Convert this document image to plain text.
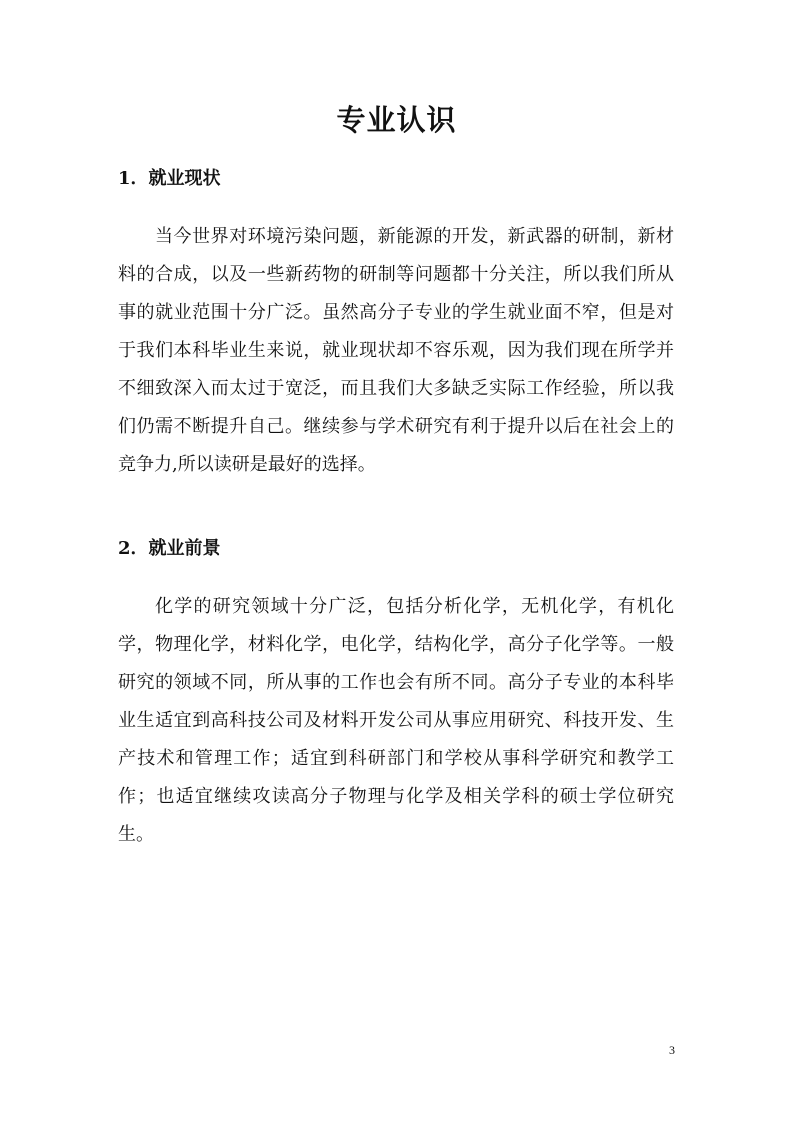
专业认识
1．就业现状

当今世界对环境污染问题，新能源的开发，新武器的研制，新材料的合成，以及一些新药物的研制等问题都十分关注，所以我们所从事的就业范围十分广泛。虽然高分子专业的学生就业面不窄，但是对于我们本科毕业生来说，就业现状却不容乐观，因为我们现在所学并不细致深入而太过于宽泛，而且我们大多缺乏实际工作经验，所以我们仍需不断提升自己。继续参与学术研究有利于提升以后在社会上的竞争力,所以读研是最好的选择。

2．就业前景

化学的研究领域十分广泛，包括分析化学，无机化学，有机化学，物理化学，材料化学，电化学，结构化学，高分子化学等。一般研究的领域不同，所从事的工作也会有所不同。高分子专业的本科毕业生适宜到高科技公司及材料开发公司从事应用研究、科技开发、生产技术和管理工作；适宜到科研部门和学校从事科学研究和教学工作；也适宜继续攻读高分子物理与化学及相关学科的硕士学位研究生。

3
